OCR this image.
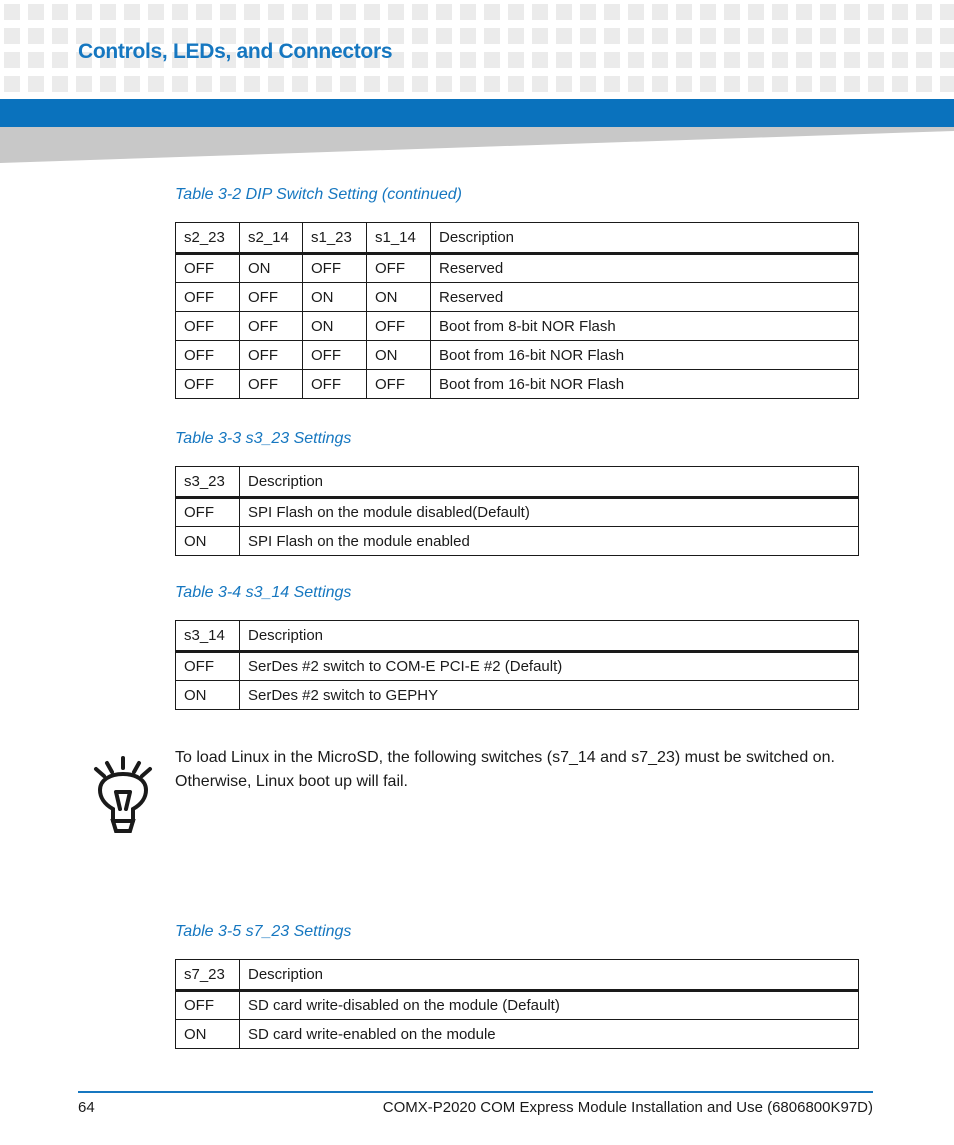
Controls, LEDs, and Connectors
Table 3-2 DIP Switch Setting (continued)
s2_23	s2_14	s1_23	s1_14	Description
OFF	ON	OFF	OFF	Reserved
OFF	OFF	ON	ON	Reserved
OFF	OFF	ON	OFF	Boot from 8-bit NOR Flash
OFF	OFF	OFF	ON	Boot from 16-bit NOR Flash
OFF	OFF	OFF	OFF	Boot from 16-bit NOR Flash
Table 3-3 s3_23 Settings
s3_23	Description
OFF	SPI Flash on the module disabled(Default)
ON	SPI Flash on the module enabled
Table 3-4 s3_14 Settings
s3_14	Description
OFF	SerDes #2 switch to COM-E PCI-E #2 (Default)
ON	SerDes #2 switch to GEPHY
To load Linux in the MicroSD, the following switches (s7_14 and s7_23) must be switched on. Otherwise, Linux boot up will fail.
Table 3-5 s7_23 Settings
s7_23	Description
OFF	SD card write-disabled on the module (Default)
ON	SD card write-enabled on the module
64	COMX-P2020 COM Express Module Installation and Use (6806800K97D)
